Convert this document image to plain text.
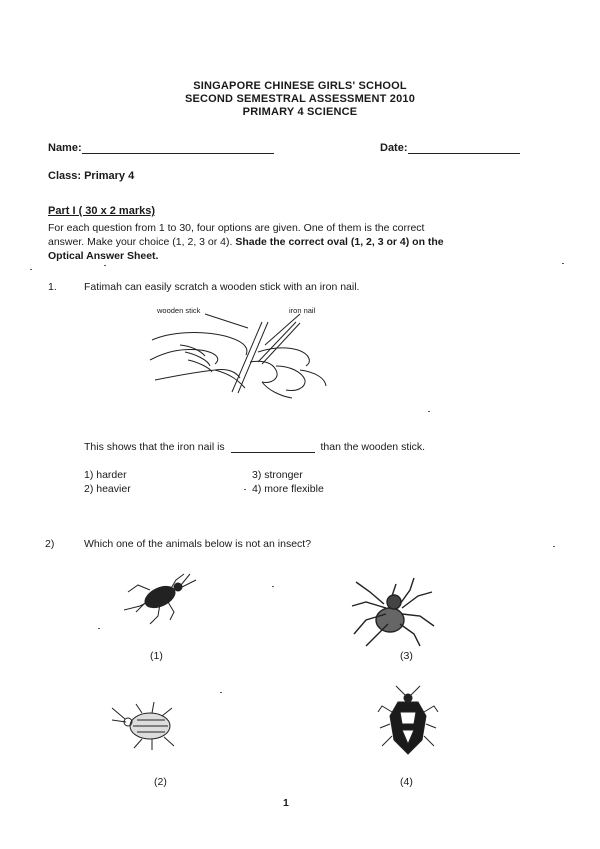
SINGAPORE CHINESE GIRLS' SCHOOL
SECOND SEMESTRAL ASSESSMENT 2010
PRIMARY 4 SCIENCE
Name:	Date:
Class: Primary 4
Part I ( 30 x 2 marks)
For each question from 1 to 30, four options are given. One of them is the correct
answer. Make your choice (1, 2, 3 or 4). Shade the correct oval (1, 2, 3 or 4) on the
Optical Answer Sheet.
1.	Fatimah can easily scratch a wooden stick with an iron nail.
wooden stick	iron nail
This shows that the iron nail is	than the wooden stick.
1) harder
2) heavier
3) stronger
4) more flexible
2)	Which one of the animals below is not an insect?
(1)
(2)
(3)
(4)
1
